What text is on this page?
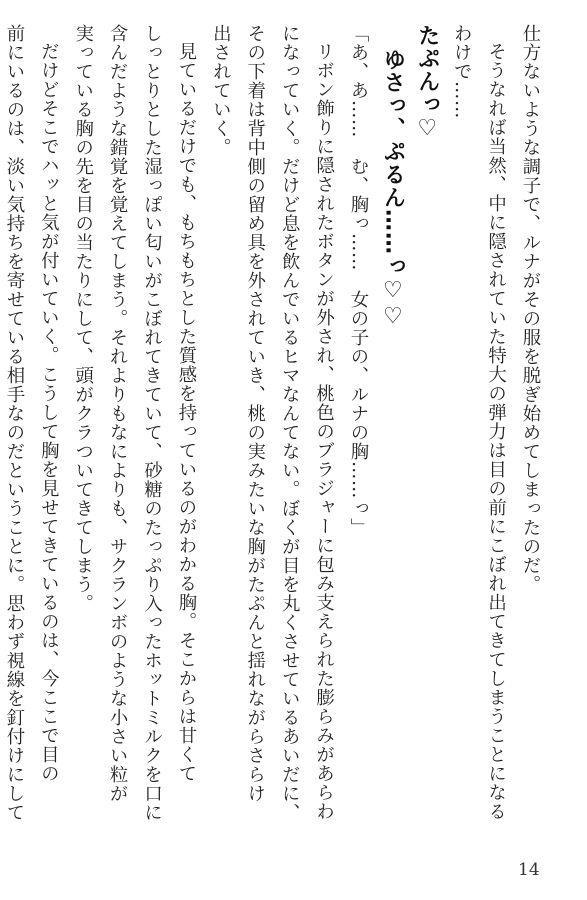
仕方ないような調子で、ルナがその服を脱ぎ始めてしまったのだ。

そうなれば当然、中に隠されていた特大の弾力は目の前にこぼれ出てきてしまうことになる

わけで……

たぷんっ♡

ゆさっ、ぷるん……っ♡♡

「あ、あ……　む、胸っ……　女の子の、ルナの胸……っ」

リボン飾りに隠されたボタンが外され、桃色のブラジャーに包み支えられた膨らみがあらわ

になっていく。だけど息を飲んでいるヒマなんてない。ぼくが目を丸くさせているあいだに、

その下着は背中側の留め具を外されていき、桃の実みたいな胸がたぷんと揺れながらさらけ

出されていく。

見ているだけでも、もちもちとした質感を持っているのがわかる胸。そこからは甘くて

しっとりとした湿っぽい匂いがこぼれてきていて、砂糖のたっぷり入ったホットミルクを口に

含んだような錯覚を覚えてしまう。それよりもなによりも、サクランボのような小さい粒が

実っている胸の先を目の当たりにして、頭がクラついてきてしまう。

だけどそこでハッと気が付いていく。こうして胸を見せてきているのは、今ここで目の

前にいるのは、淡い気持ちを寄せている相手なのだということに。思わず視線を釘付けにして

14
